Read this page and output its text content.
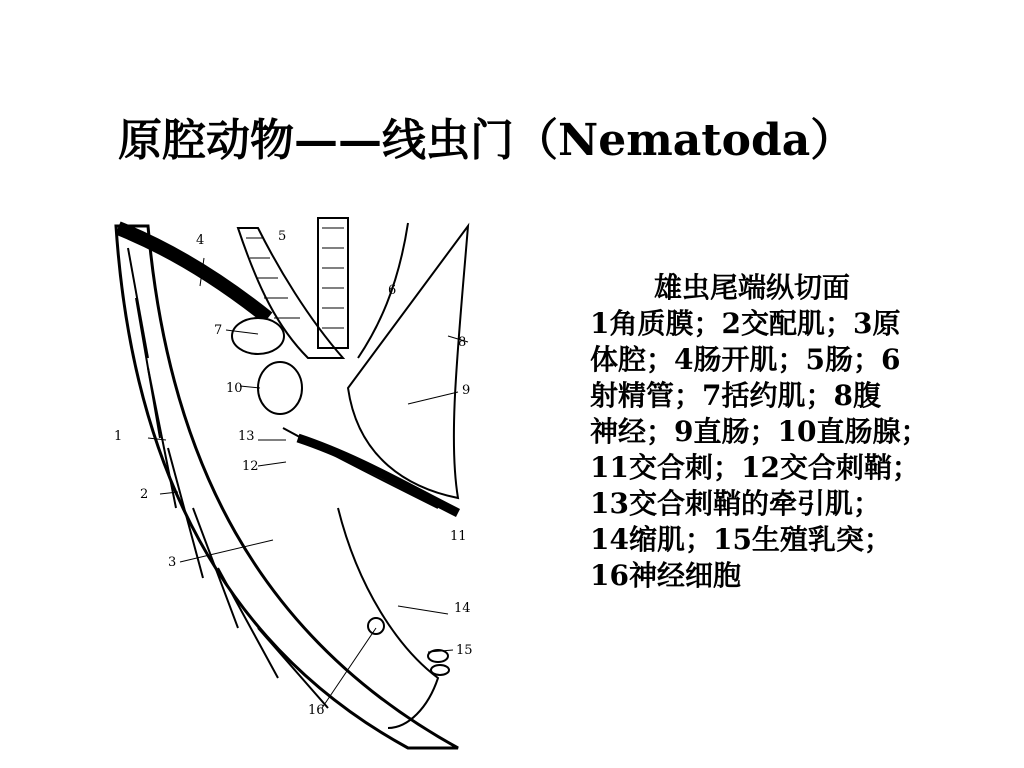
原腔动物——线虫门（Nematoda）
1
2
3
4	5
6
7
8
9
10
11
12
13
14
15
16
雄虫尾端纵切面
1角质膜；2交配肌；3原
体腔；4肠开肌；5肠；6
射精管；7括约肌；8腹
神经；9直肠；10直肠腺；
11交合刺；12交合刺鞘；
13交合刺鞘的牵引肌；
14缩肌；15生殖乳突；
16神经细胞
